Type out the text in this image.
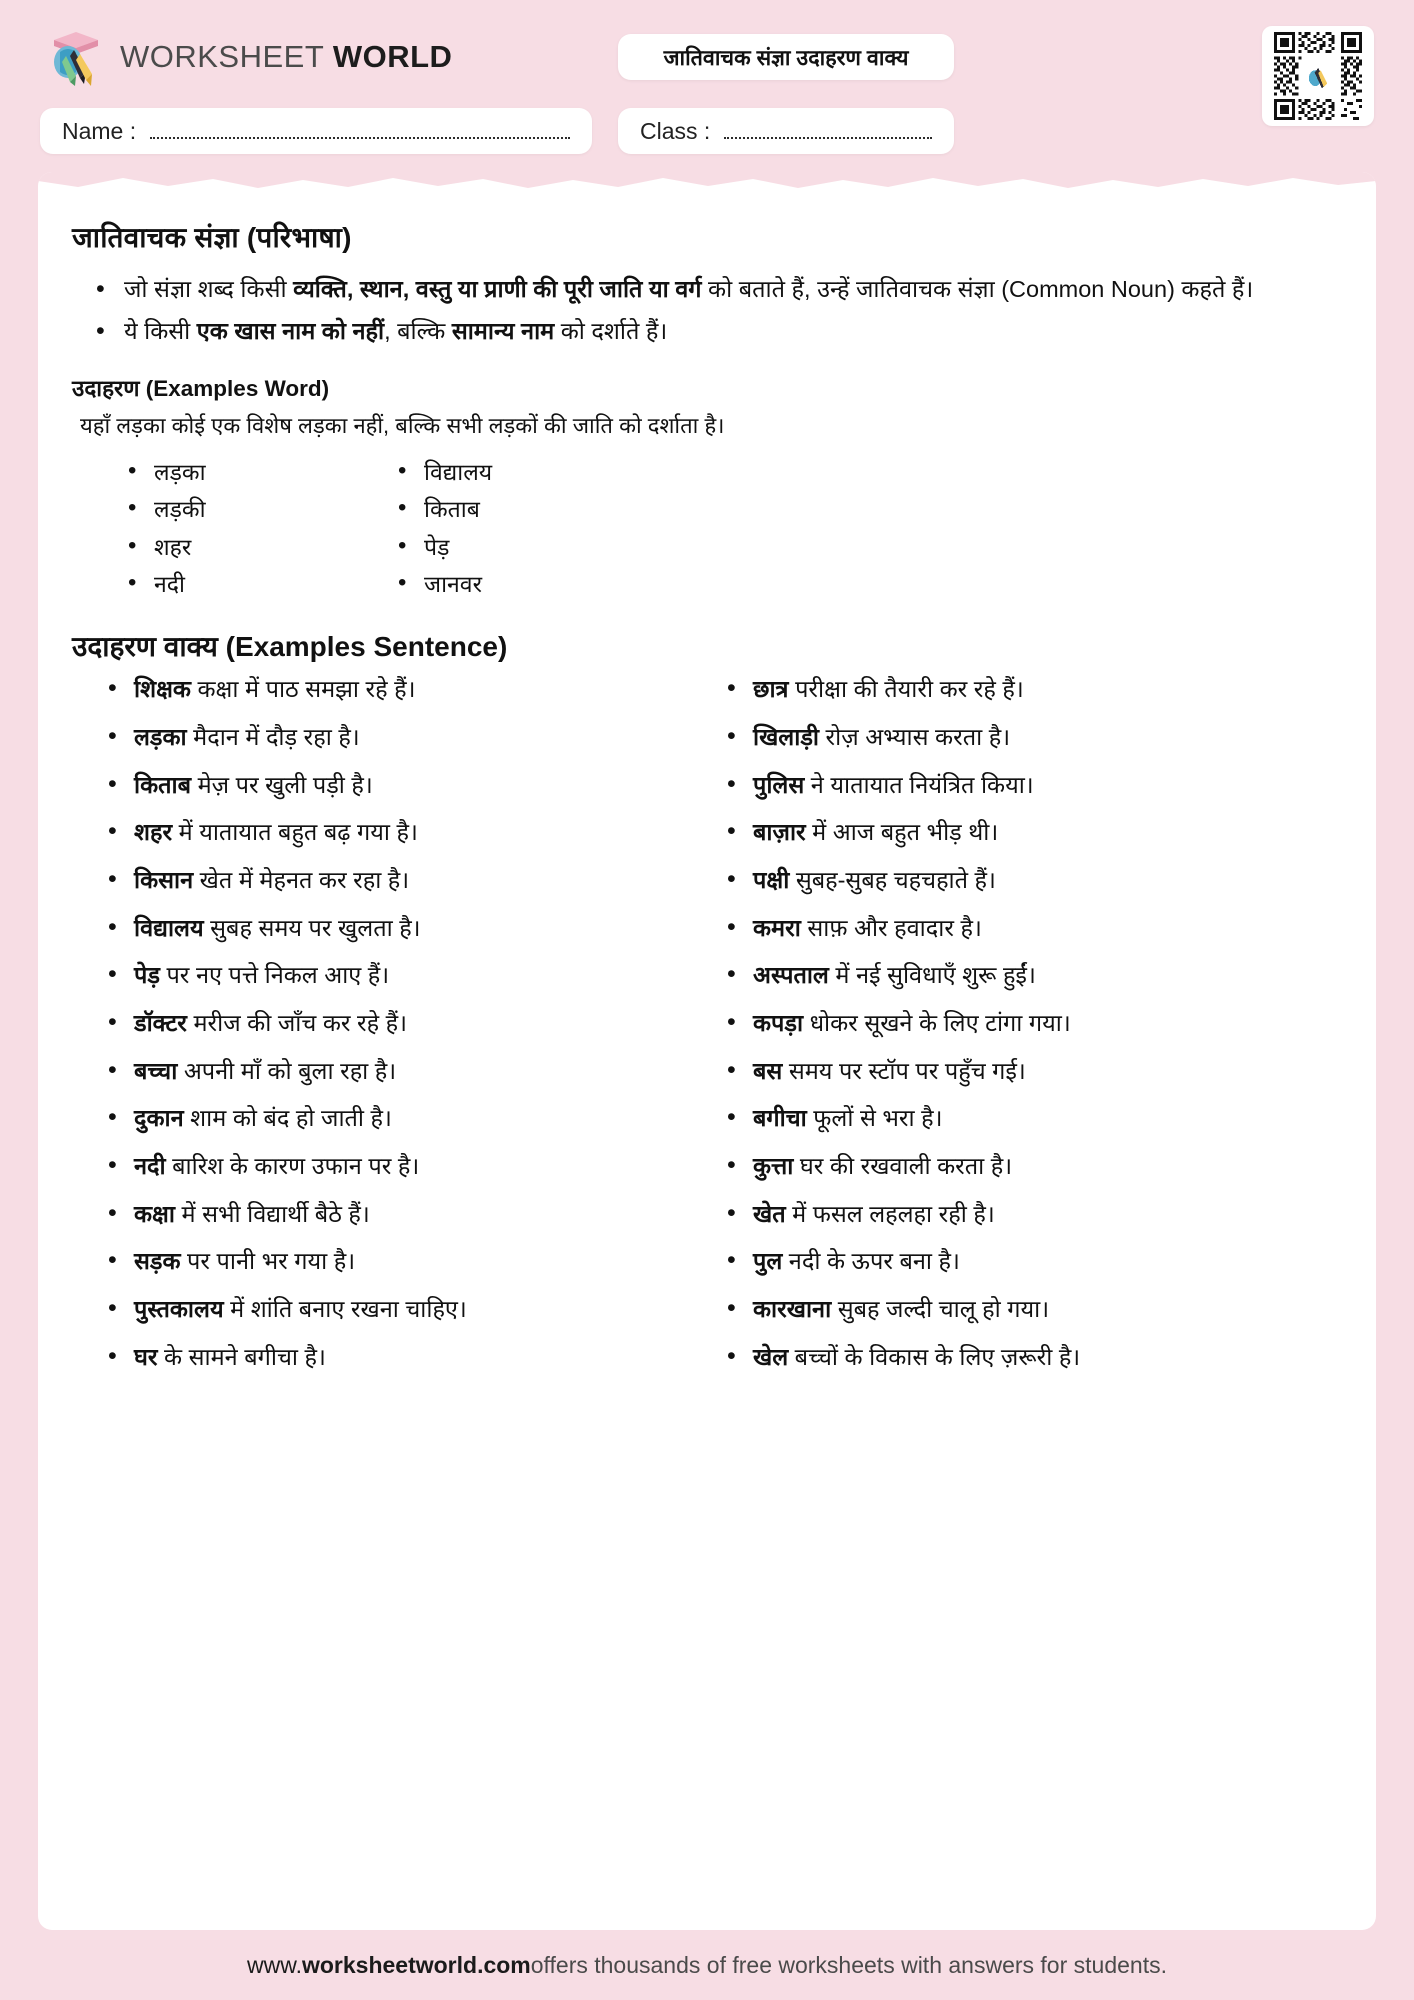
WORKSHEET WORLD	जातिवाचक संज्ञा उदाहरण वाक्य
Name :	Class :
जातिवाचक संज्ञा (परिभाषा)
• जो संज्ञा शब्द किसी व्यक्ति, स्थान, वस्तु या प्राणी की पूरी जाति या वर्ग को बताते हैं, उन्हें जातिवाचक संज्ञा (Common Noun) कहते हैं।
• ये किसी एक खास नाम को नहीं, बल्कि सामान्य नाम को दर्शाते हैं।
उदाहरण (Examples Word)

यहाँ लड़का कोई एक विशेष लड़का नहीं, बल्कि सभी लड़कों की जाति को दर्शाता है।

• लड़का	• विद्यालय
• लड़की	• किताब
• शहर	• पेड़
• नदी	• जानवर
उदाहरण वाक्य (Examples Sentence)
• शिक्षक कक्षा में पाठ समझा रहे हैं।
• लड़का मैदान में दौड़ रहा है।
• किताब मेज़ पर खुली पड़ी है।
• शहर में यातायात बहुत बढ़ गया है।
• किसान खेत में मेहनत कर रहा है।
• विद्यालय सुबह समय पर खुलता है।
• पेड़ पर नए पत्ते निकल आए हैं।
• डॉक्टर मरीज की जाँच कर रहे हैं।
• बच्चा अपनी माँ को बुला रहा है।
• दुकान शाम को बंद हो जाती है।
• नदी बारिश के कारण उफान पर है।
• कक्षा में सभी विद्यार्थी बैठे हैं।
• सड़क पर पानी भर गया है।
• पुस्तकालय में शांति बनाए रखना चाहिए।
• घर के सामने बगीचा है।
• छात्र परीक्षा की तैयारी कर रहे हैं।
• खिलाड़ी रोज़ अभ्यास करता है।
• पुलिस ने यातायात नियंत्रित किया।
• बाज़ार में आज बहुत भीड़ थी।
• पक्षी सुबह-सुबह चहचहाते हैं।
• कमरा साफ़ और हवादार है।
• अस्पताल में नई सुविधाएँ शुरू हुईं।
• कपड़ा धोकर सूखने के लिए टांगा गया।
• बस समय पर स्टॉप पर पहुँच गई।
• बगीचा फूलों से भरा है।
• कुत्ता घर की रखवाली करता है।
• खेत में फसल लहलहा रही है।
• पुल नदी के ऊपर बना है।
• कारखाना सुबह जल्दी चालू हो गया।
• खेल बच्चों के विकास के लिए ज़रूरी है।
www.worksheetworld.com offers thousands of free worksheets with answers for students.
